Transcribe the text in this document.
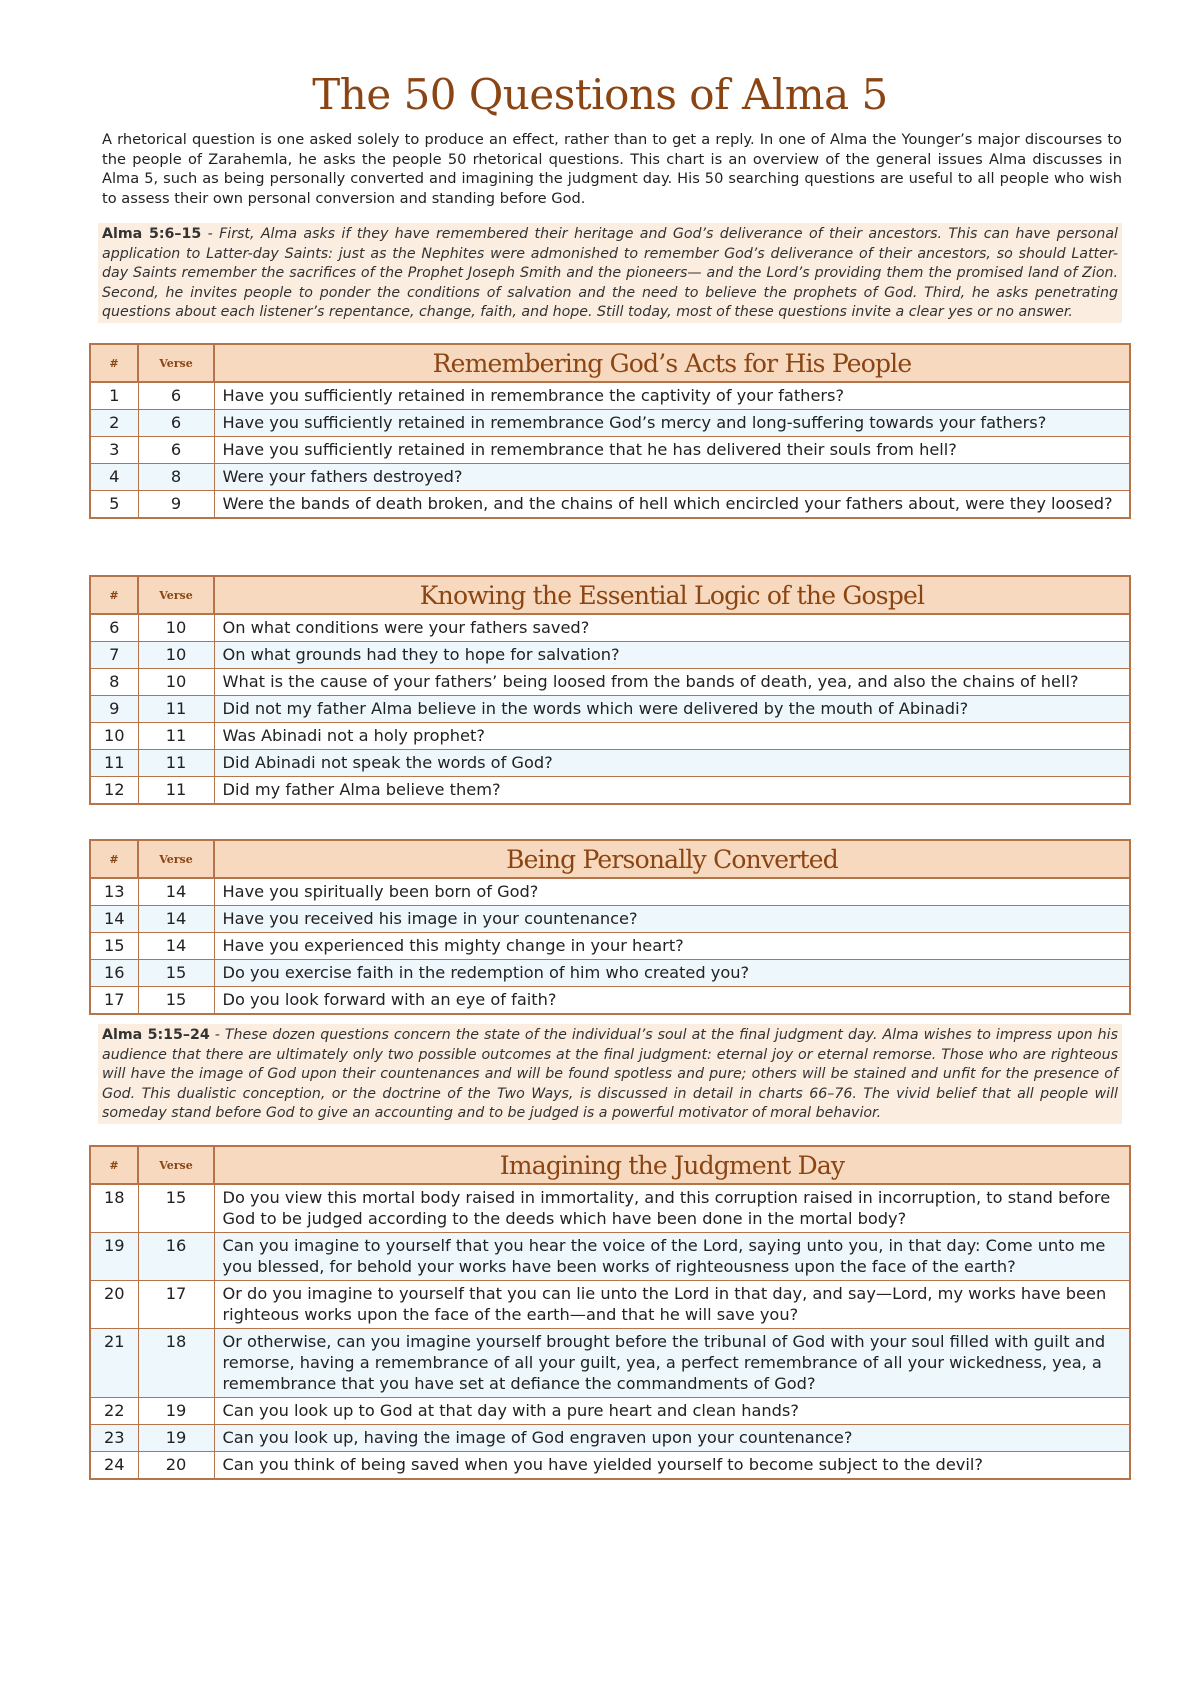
The 50 Questions of Alma 5

A rhetorical question is one asked solely to produce an effect, rather than to get a reply. In one of Alma the Younger’s major discourses to the people of Zarahemla, he asks the people 50 rhetorical questions. This chart is an overview of the general issues Alma discusses in Alma 5, such as being personally converted and imagining the judgment day. His 50 searching questions are useful to all people who wish to assess their own personal conversion and standing before God.

Alma 5:6–15 - First, Alma asks if they have remembered their heritage and God’s deliverance of their ancestors. This can have personal application to Latter-day Saints: just as the Nephites were admonished to remember God’s deliverance of their ancestors, so should Latter-day Saints remember the sacrifices of the Prophet Joseph Smith and the pioneers— and the Lord’s providing them the promised land of Zion. Second, he invites people to ponder the conditions of salvation and the need to believe the prophets of God. Third, he asks penetrating questions about each listener’s repentance, change, faith, and hope. Still today, most of these questions invite a clear yes or no answer.
#	Verse	Remembering God’s Acts for His People
1	6	Have you sufficiently retained in remembrance the captivity of your fathers?
2	6	Have you sufficiently retained in remembrance God’s mercy and long-suffering towards your fathers?
3	6	Have you sufficiently retained in remembrance that he has delivered their souls from hell?
4	8	Were your fathers destroyed?
5	9	Were the bands of death broken, and the chains of hell which encircled your fathers about, were they loosed?
#	Verse	Knowing the Essential Logic of the Gospel
6	10	On what conditions were your fathers saved?
7	10	On what grounds had they to hope for salvation?
8	10	What is the cause of your fathers’ being loosed from the bands of death, yea, and also the chains of hell?
9	11	Did not my father Alma believe in the words which were delivered by the mouth of Abinadi?
10	11	Was Abinadi not a holy prophet?
11	11	Did Abinadi not speak the words of God?
12	11	Did my father Alma believe them?
#	Verse	Being Personally Converted
13	14	Have you spiritually been born of God?
14	14	Have you received his image in your countenance?
15	14	Have you experienced this mighty change in your heart?
16	15	Do you exercise faith in the redemption of him who created you?
17	15	Do you look forward with an eye of faith?
Alma 5:15–24 - These dozen questions concern the state of the individual’s soul at the final judgment day. Alma wishes to impress upon his audience that there are ultimately only two possible outcomes at the final judgment: eternal joy or eternal remorse. Those who are righteous will have the image of God upon their countenances and will be found spotless and pure; others will be stained and unfit for the presence of God. This dualistic conception, or the doctrine of the Two Ways, is discussed in detail in charts 66–76. The vivid belief that all people will someday stand before God to give an accounting and to be judged is a powerful motivator of moral behavior.
#	Verse	Imagining the Judgment Day
18	15	Do you view this mortal body raised in immortality, and this corruption raised in incorruption, to stand before God to be judged according to the deeds which have been done in the mortal body?
19	16	Can you imagine to yourself that you hear the voice of the Lord, saying unto you, in that day: Come unto me you blessed, for behold your works have been works of righteousness upon the face of the earth?
20	17	Or do you imagine to yourself that you can lie unto the Lord in that day, and say—Lord, my works have been righteous works upon the face of the earth—and that he will save you?
21	18	Or otherwise, can you imagine yourself brought before the tribunal of God with your soul filled with guilt and remorse, having a remembrance of all your guilt, yea, a perfect remembrance of all your wickedness, yea, a remembrance that you have set at defiance the commandments of God?
22	19	Can you look up to God at that day with a pure heart and clean hands?
23	19	Can you look up, having the image of God engraven upon your countenance?
24	20	Can you think of being saved when you have yielded yourself to become subject to the devil?
